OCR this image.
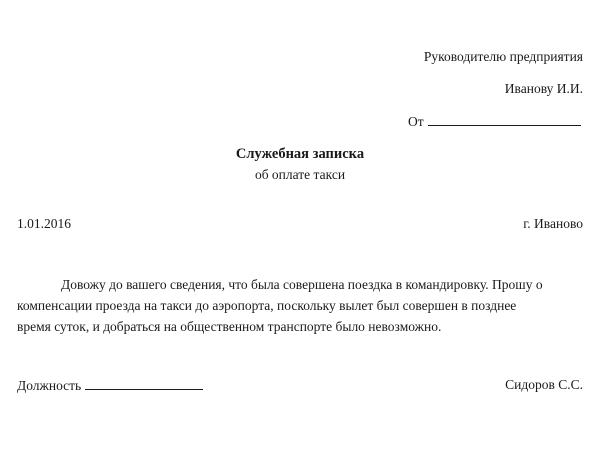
Руководителю предприятия
Иванову И.И.
От
Служебная записка
об оплате такси
1.01.2016	г. Иваново
Довожу до вашего сведения, что была совершена поездка в командировку. Прошу о
компенсации проезда на такси до аэропорта, поскольку вылет был совершен в позднее
время суток, и добраться на общественном транспорте было невозможно.
Должность	Сидоров С.С.
